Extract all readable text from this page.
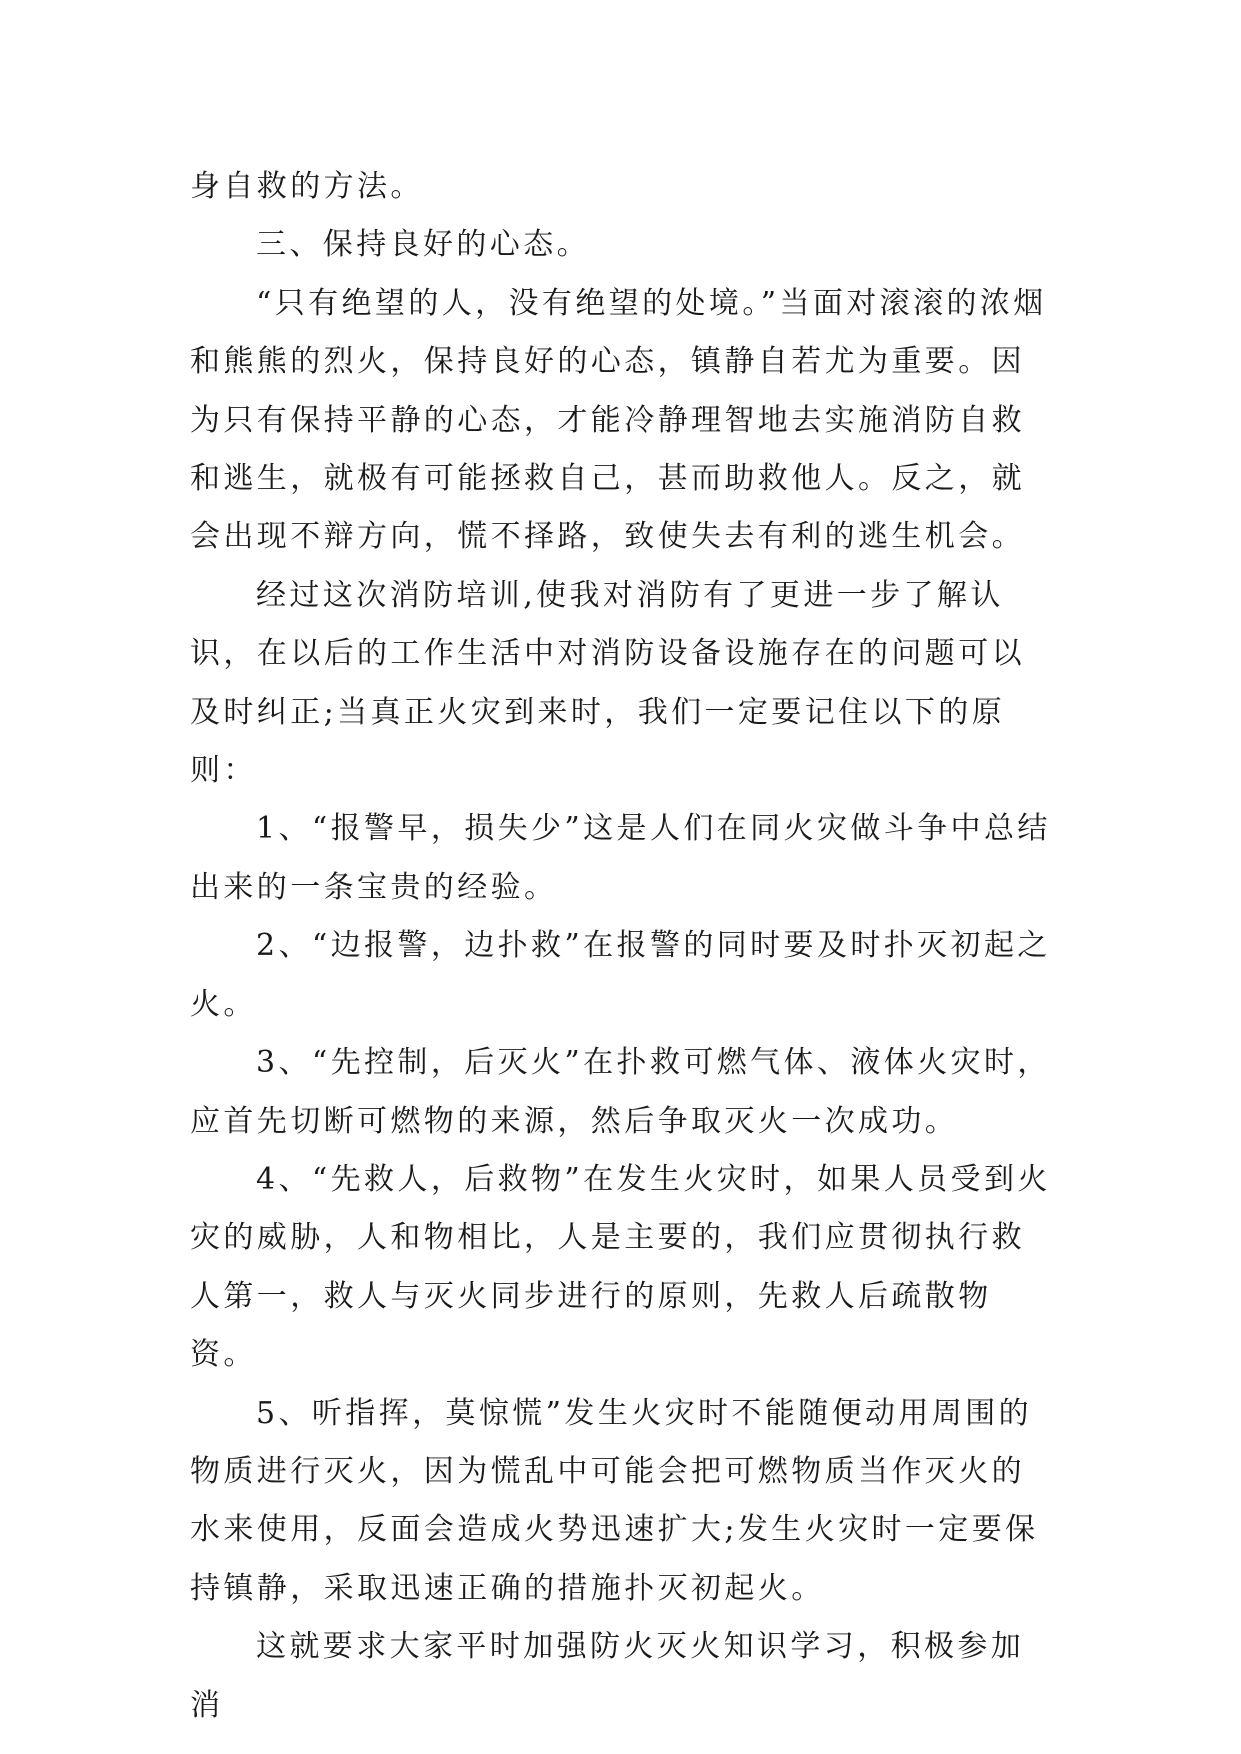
身自救的方法。

三、保持良好的心态。

“只有绝望的人，没有绝望的处境。”当面对滚滚的浓烟和熊熊的烈火，保持良好的心态，镇静自若尤为重要。因为只有保持平静的心态，才能冷静理智地去实施消防自救和逃生，就极有可能拯救自己，甚而助救他人。反之，就会出现不辩方向，慌不择路，致使失去有利的逃生机会。

经过这次消防培训,使我对消防有了更进一步了解认识，在以后的工作生活中对消防设备设施存在的问题可以及时纠正;当真正火灾到来时，我们一定要记住以下的原则：

1、“报警早，损失少”这是人们在同火灾做斗争中总结出来的一条宝贵的经验。

2、“边报警，边扑救”在报警的同时要及时扑灭初起之火。

3、“先控制，后灭火”在扑救可燃气体、液体火灾时，应首先切断可燃物的来源，然后争取灭火一次成功。

4、“先救人，后救物”在发生火灾时，如果人员受到火灾的威胁，人和物相比，人是主要的，我们应贯彻执行救人第一，救人与灭火同步进行的原则，先救人后疏散物资。

5、听指挥，莫惊慌”发生火灾时不能随便动用周围的物质进行灭火，因为慌乱中可能会把可燃物质当作灭火的水来使用，反面会造成火势迅速扩大;发生火灾时一定要保持镇静，采取迅速正确的措施扑灭初起火。

这就要求大家平时加强防火灭火知识学习，积极参加消
